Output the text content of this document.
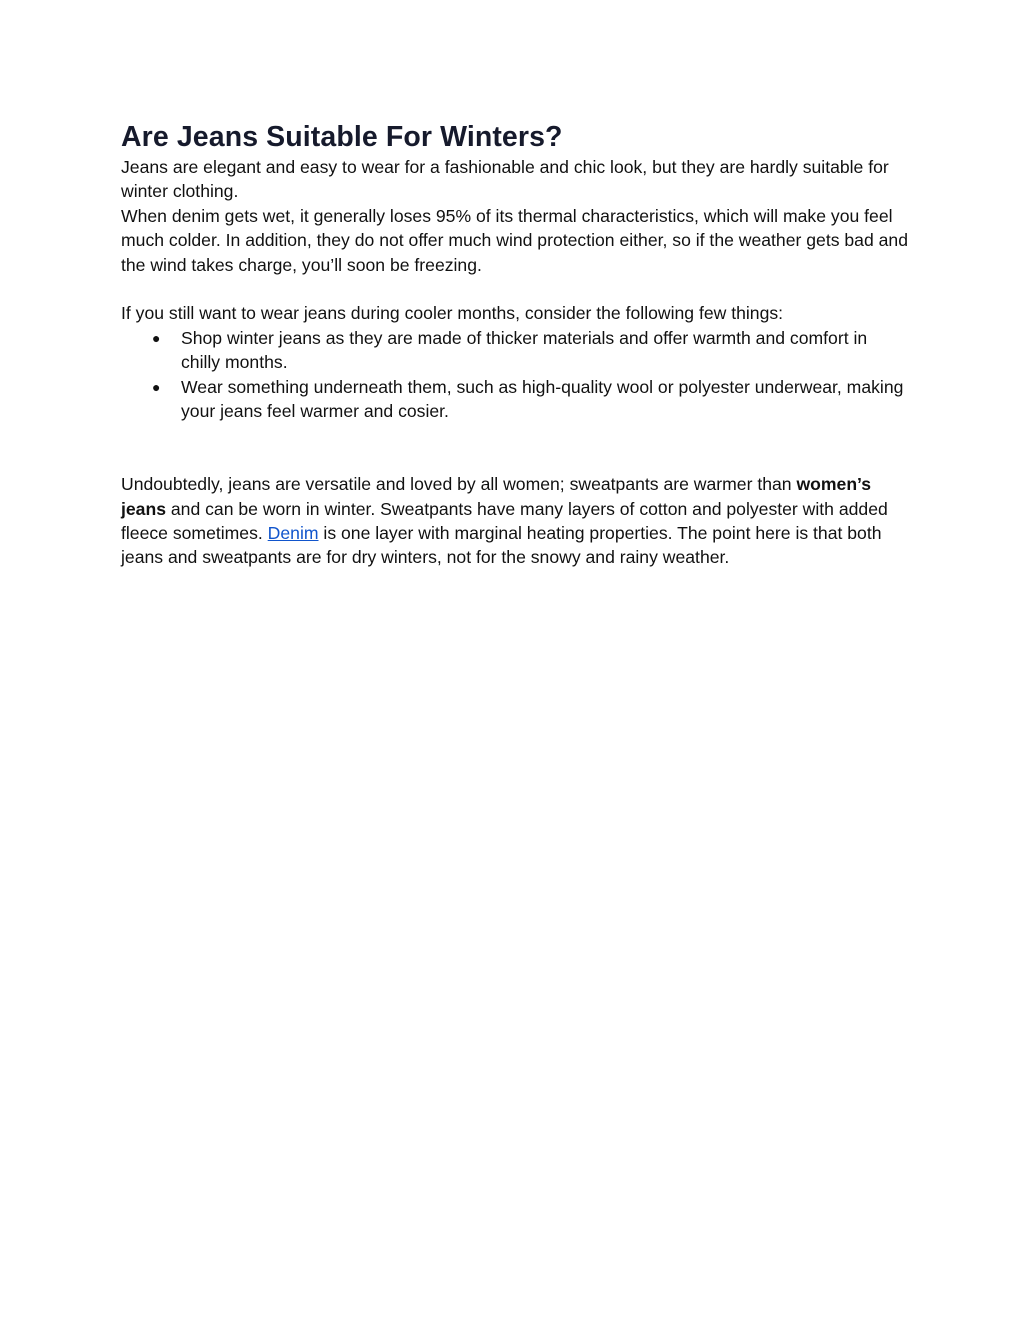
Are Jeans Suitable For Winters?

Jeans are elegant and easy to wear for a fashionable and chic look, but they are hardly suitable for winter clothing.

When denim gets wet, it generally loses 95% of its thermal characteristics, which will make you feel much colder. In addition, they do not offer much wind protection either, so if the weather gets bad and the wind takes charge, you’ll soon be freezing.

If you still want to wear jeans during cooler months, consider the following few things:

● Shop winter jeans as they are made of thicker materials and offer warmth and comfort in chilly months.
● Wear something underneath them, such as high-quality wool or polyester underwear, making your jeans feel warmer and cosier.

Undoubtedly, jeans are versatile and loved by all women; sweatpants are warmer than women’s jeans and can be worn in winter. Sweatpants have many layers of cotton and polyester with added fleece sometimes. Denim is one layer with marginal heating properties. The point here is that both jeans and sweatpants are for dry winters, not for the snowy and rainy weather.
